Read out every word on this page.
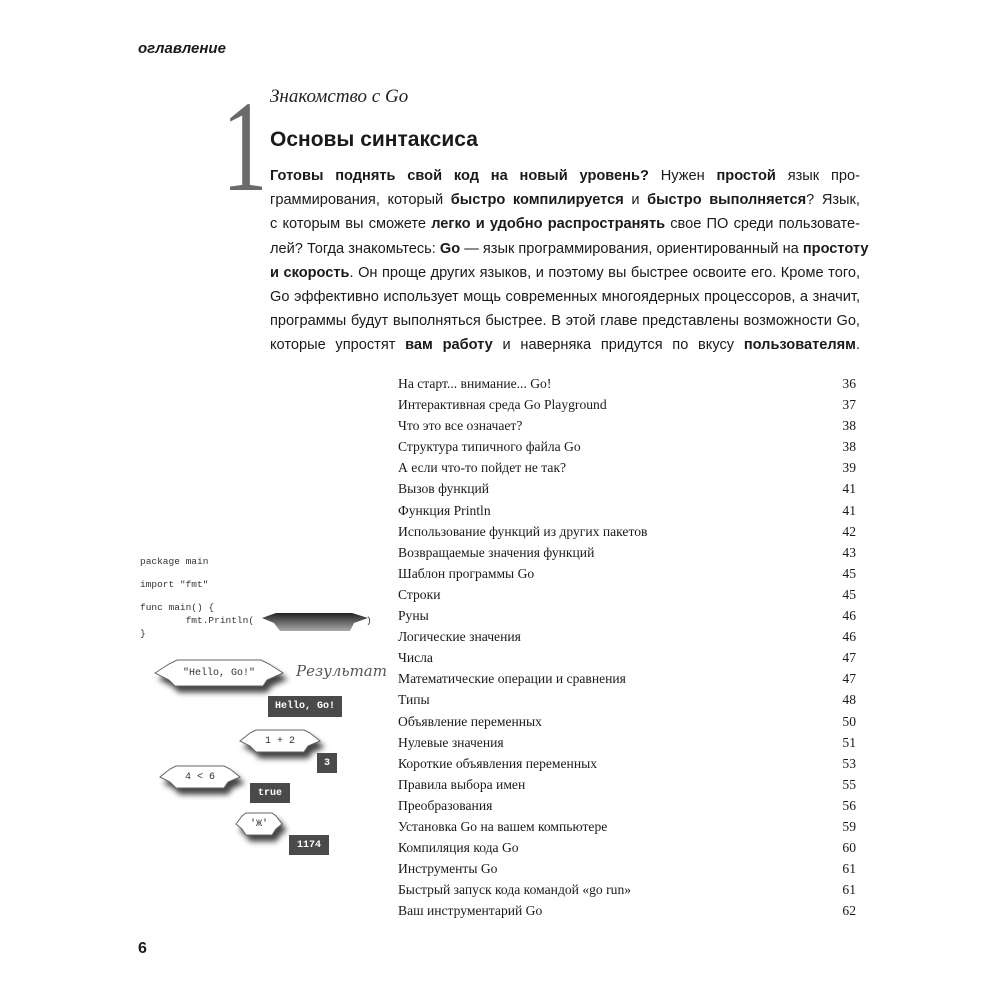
оглавление
1 Знакомство с Go
Основы синтаксиса
Готовы поднять свой код на новый уровень? Нужен простой язык про-
граммирования, который быстро компилируется и быстро выполняется? Язык,
с которым вы сможете легко и удобно распространять свое ПО среди пользовате-
лей? Тогда знакомьтесь: Go — язык программирования, ориентированный на простоту
и скорость. Он проще других языков, и поэтому вы быстрее освоите его. Кроме того,
Go эффективно использует мощь современных многоядерных процессоров, а значит,
программы будут выполняться быстрее. В этой главе представлены возможности Go,
которые упростят вам работу и наверняка придутся по вкусу пользователям.
На старт... внимание... Go!	36
Интерактивная среда Go Playground	37
Что это все означает?	38
Структура типичного файла Go	38
А если что-то пойдет не так?	39
Вызов функций	41
Функция Println	41
Использование функций из других пакетов	42
Возвращаемые значения функций	43
Шаблон программы Go	45
Строки	45
Руны	46
Логические значения	46
Числа	47
Математические операции и сравнения	47
Типы	48
Объявление переменных	50
Нулевые значения	51
Короткие объявления переменных	53
Правила выбора имен	55
Преобразования	56
Установка Go на вашем компьютере	59
Компиляция кода Go	60
Инструменты Go	61
Быстрый запуск кода командой «go run»	61
Ваш инструментарий Go	62

package main

import "fmt"

func main() {

fmt.Println(

	)

}

"Hello, Go!"	Результат
Hello, Go!
1 + 2
3
4 < 6
true
'Ж'
1174
6
